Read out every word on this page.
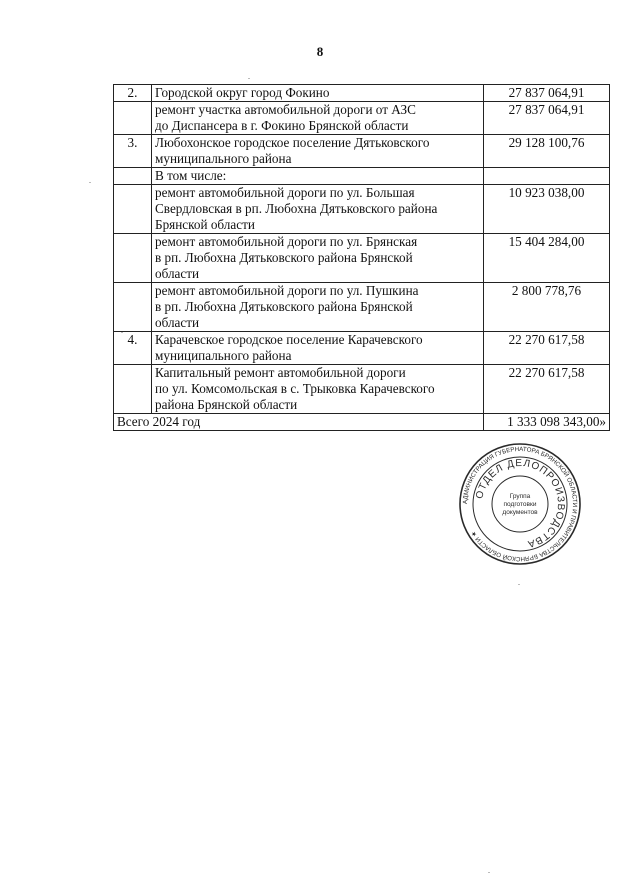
8
2.	Городской округ город Фокино	27 837 064,91

	ремонт участка автомобильной дороги от АЗС
до Диспансера в г. Фокино Брянской области	27 837 064,91
3.	Любохонское городское поселение Дятьковского
муниципального района	29 128 100,76

	В том числе:	

	ремонт автомобильной дороги по ул. Большая
Свердловская в рп. Любохна Дятьковского района
Брянской области	10 923 038,00

	ремонт автомобильной дороги по ул. Брянская
в рп. Любохна Дятьковского района Брянской
области	15 404 284,00

	ремонт автомобильной дороги по ул. Пушкина
в рп. Любохна Дятьковского района Брянской
области	2 800 778,76
4.	Карачевское городское поселение Карачевского
муниципального района	22 270 617,58

	Капитальный ремонт автомобильной дороги
по ул. Комсомольская в с. Трыковка Карачевского
района Брянской области	22 270 617,58
Всего 2024 год		1 333 098 343,00»
АДМИНИСТРАЦИЯ ГУБЕРНАТОРА БРЯНСКОЙ ОБЛАСТИ И ПРАВИТЕЛЬСТВА БРЯНСКОЙ ОБЛАСТИ ★
ОТДЕЛ ДЕЛОПРОИЗВОДСТВА
Группа
подготовки
документов
